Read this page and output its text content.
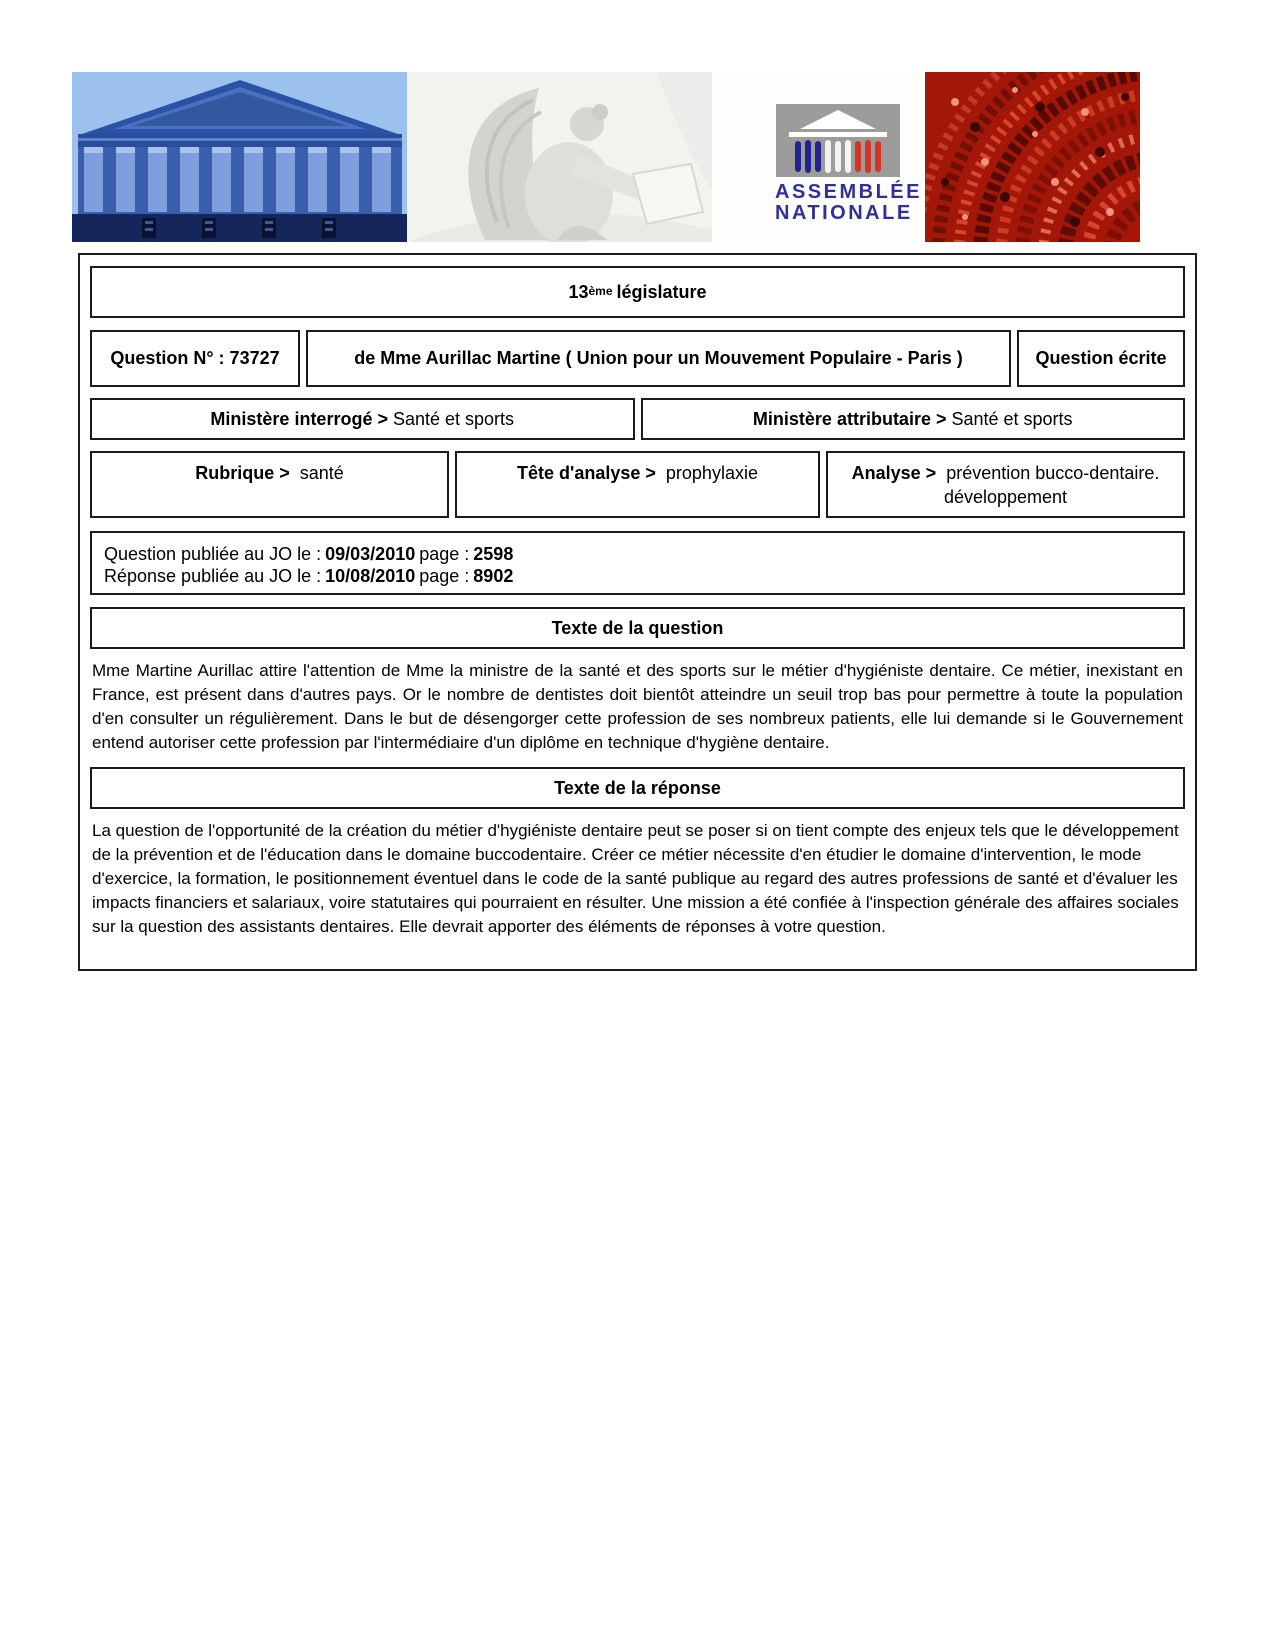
ASSEMBLÉE
NATIONALE
13ème législature
Question N° : 73727	de Mme Aurillac Martine ( Union pour un Mouvement Populaire - Paris )	Question écrite
Ministère interrogé > Santé et sports	Ministère attributaire > Santé et sports
Rubrique > santé	Tête d'analyse > prophylaxie	Analyse > prévention bucco-dentaire. développement
Question publiée au JO le : 09/03/2010 page : 2598
Réponse publiée au JO le : 10/08/2010 page : 8902
Texte de la question

Mme Martine Aurillac attire l'attention de Mme la ministre de la santé et des sports sur le métier d'hygiéniste dentaire. Ce métier, inexistant en France, est présent dans d'autres pays. Or le nombre de dentistes doit bientôt atteindre un seuil trop bas pour permettre à toute la population d'en consulter un régulièrement. Dans le but de désengorger cette profession de ses nombreux patients, elle lui demande si le Gouvernement entend autoriser cette profession par l'intermédiaire d'un diplôme en technique d'hygiène dentaire.

Texte de la réponse

La question de l'opportunité de la création du métier d'hygiéniste dentaire peut se poser si on tient compte des enjeux tels que le développement de la prévention et de l'éducation dans le domaine buccodentaire. Créer ce métier nécessite d'en étudier le domaine d'intervention, le mode d'exercice, la formation, le positionnement éventuel dans le code de la santé publique au regard des autres professions de santé et d'évaluer les impacts financiers et salariaux, voire statutaires qui pourraient en résulter. Une mission a été confiée à l'inspection générale des affaires sociales sur la question des assistants dentaires. Elle devrait apporter des éléments de réponses à votre question.
